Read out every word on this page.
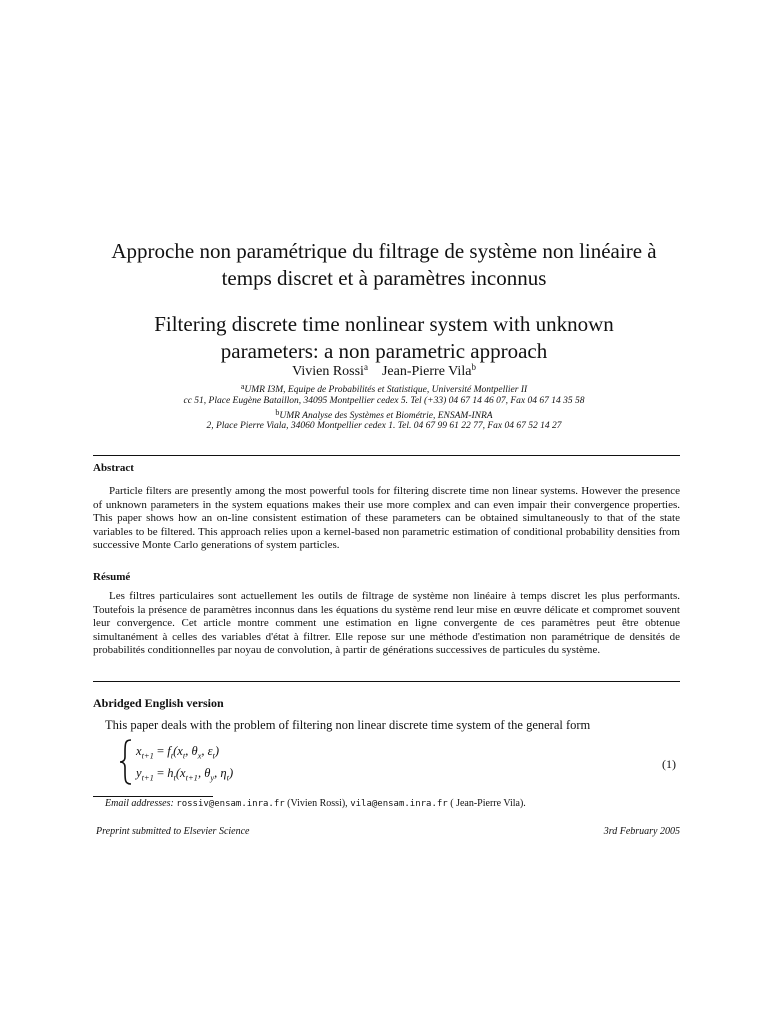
Approche non paramétrique du filtrage de système non linéaire à
temps discret et à paramètres inconnus
Filtering discrete time nonlinear system with unknown
parameters: a non parametric approach
Vivien Rossi$^a$ Jean-Pierre Vila$^b$
$^a$UMR I3M, Equipe de Probabilités et Statistique, Université Montpellier II
cc 51, Place Eugène Bataillon, 34095 Montpellier cedex 5. Tel (+33) 04 67 14 46 07, Fax 04 67 14 35 58
$^b$UMR Analyse des Systèmes et Biométrie, ENSAM-INRA
2, Place Pierre Viala, 34060 Montpellier cedex 1. Tel. 04 67 99 61 22 77, Fax 04 67 52 14 27
Abstract

Particle filters are presently among the most powerful tools for filtering discrete time non linear systems. However the presence of unknown parameters in the system equations makes their use more complex and can even impair their convergence properties. This paper shows how an on-line consistent estimation of these parameters can be obtained simultaneously to that of the state variables to be filtered. This approach relies upon a kernel-based non parametric estimation of conditional probability densities from successive Monte Carlo generations of system particles.

Résumé

Les filtres particulaires sont actuellement les outils de filtrage de système non linéaire à temps discret les plus performants. Toutefois la présence de paramètres inconnus dans les équations du système rend leur mise en œuvre délicate et compromet souvent leur convergence. Cet article montre comment une estimation en ligne convergente de ces paramètres peut être obtenue simultanément à celles des variables d'état à filtrer. Elle repose sur une méthode d'estimation non paramétrique de densités de probabilités conditionnelles par noyau de convolution, à partir de générations successives de particules du système.

Abridged English version

This paper deals with the problem of filtering non linear discrete time system of the general form

$x_{t+1} = f_t(x_t$, $\theta_x$, $\varepsilon_t$)
$y_{t+1} = h_t(x_{t+1}$, $\theta_y$, $\eta_t$)
(1)
Email addresses: rossiv@ensam.inra.fr (Vivien Rossi), vila@ensam.inra.fr ( Jean-Pierre Vila).
Preprint submitted to Elsevier Science	3rd February 2005
